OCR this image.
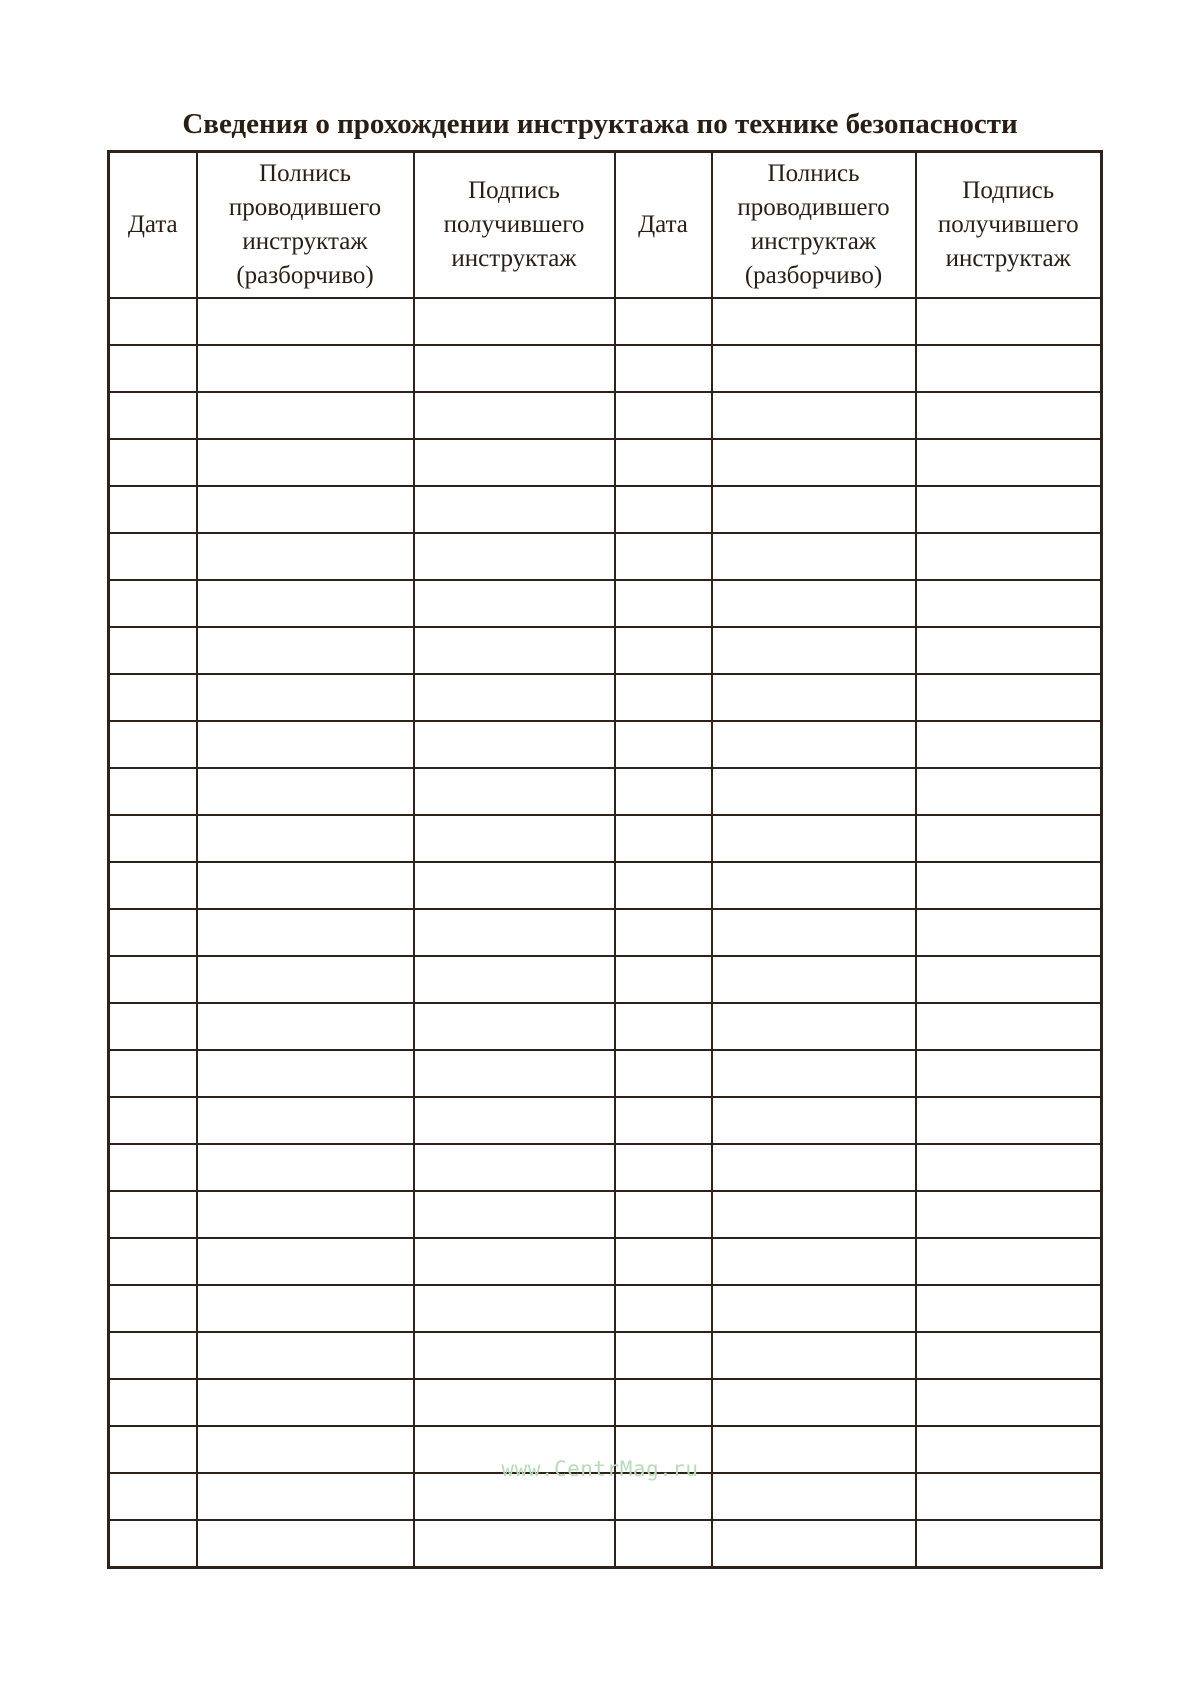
Сведения о прохождении инструктажа по технике безопасности
Дата	Полнись проводившего инструктаж (разборчиво)	Подпись получившего инструктаж	Дата	Полнись проводившего инструктаж (разборчиво)	Подпись получившего инструктаж

www.CentrMag.ru
